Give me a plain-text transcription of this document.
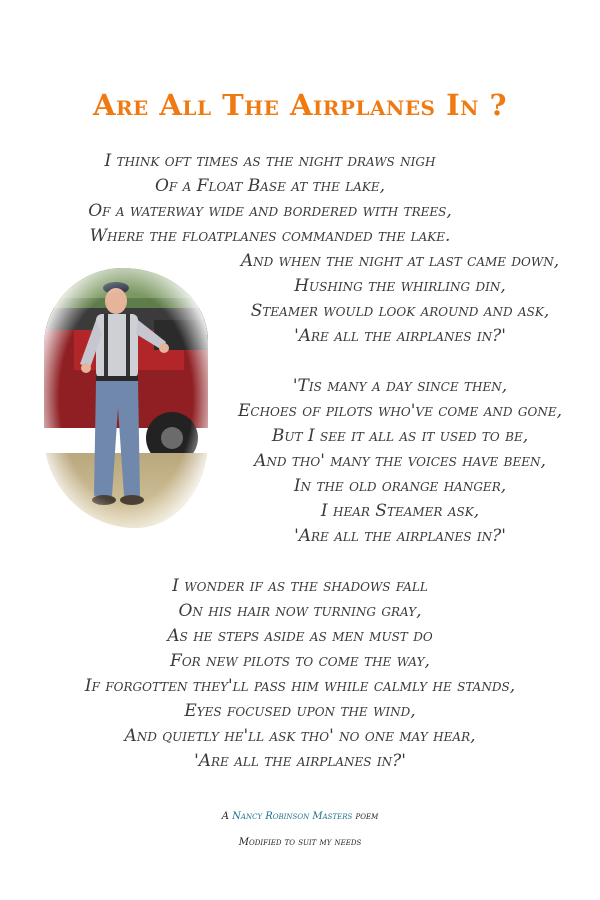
Are All The Airplanes In ?
I think oft times as the night draws nigh
Of a Float Base at the lake,
Of a waterway wide and bordered with trees,
Where the floatplanes commanded the lake.
And when the night at last came down,
Hushing the whirling din,
Steamer would look around and ask,
'Are all the airplanes in?'
'Tis many a day since then,
Echoes of pilots who've come and gone,
But I see it all as it used to be,
And tho' many the voices have been,
In the old orange hanger,
I hear Steamer ask,
'Are all the airplanes in?'
I wonder if as the shadows fall
On his hair now turning gray,
As he steps aside as men must do
For new pilots to come the way,
If forgotten they'll pass him while calmly he stands,
Eyes focused upon the wind,
And quietly he'll ask tho' no one may hear,
'Are all the airplanes in?'
A Nancy Robinson Masters poem
Modified to suit my needs
